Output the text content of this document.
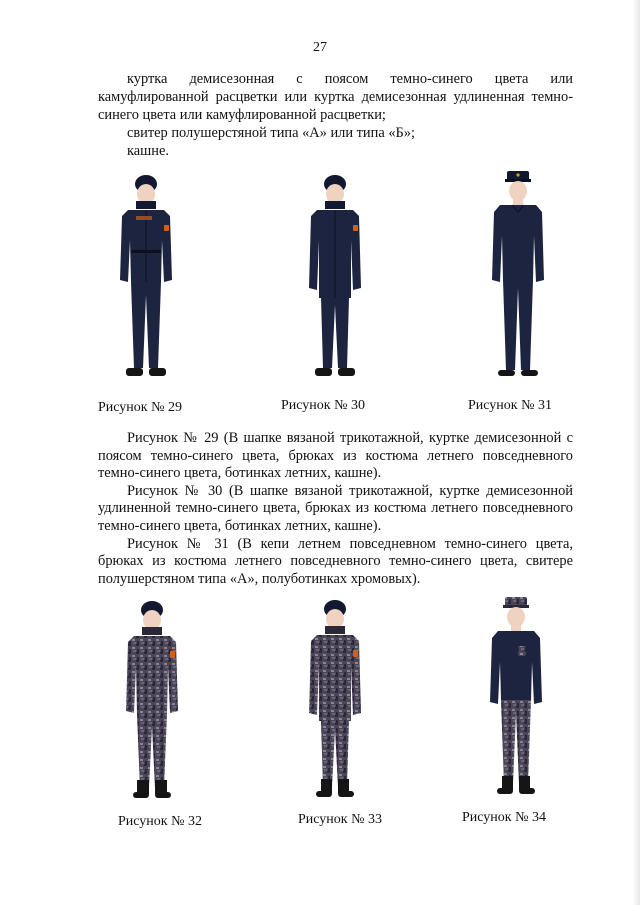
27
куртка демисезонная с поясом темно-синего цвета или камуфлированной расцветки или куртка демисезонная удлиненная темно-синего цвета или камуфлированной расцветки;
свитер полушерстяной типа «А» или типа «Б»;
кашне.
Рисунок № 29	Рисунок № 30	Рисунок № 31

Рисунок № 29 (В шапке вязаной трикотажной, куртке демисезонной с поясом темно-синего цвета, брюках из костюма летнего повседневного темно-синего цвета, ботинках летних, кашне).

Рисунок № 30 (В шапке вязаной трикотажной, куртке демисезонной удлиненной темно-синего цвета, брюках из костюма летнего повседневного темно-синего цвета, ботинках летних, кашне).

Рисунок № 31 (В кепи летнем повседневном темно-синего цвета, брюках из костюма летнего повседневного темно-синего цвета, свитере полушерстяном типа «А», полуботинках хромовых).

Рисунок № 32	Рисунок № 33	Рисунок № 34
